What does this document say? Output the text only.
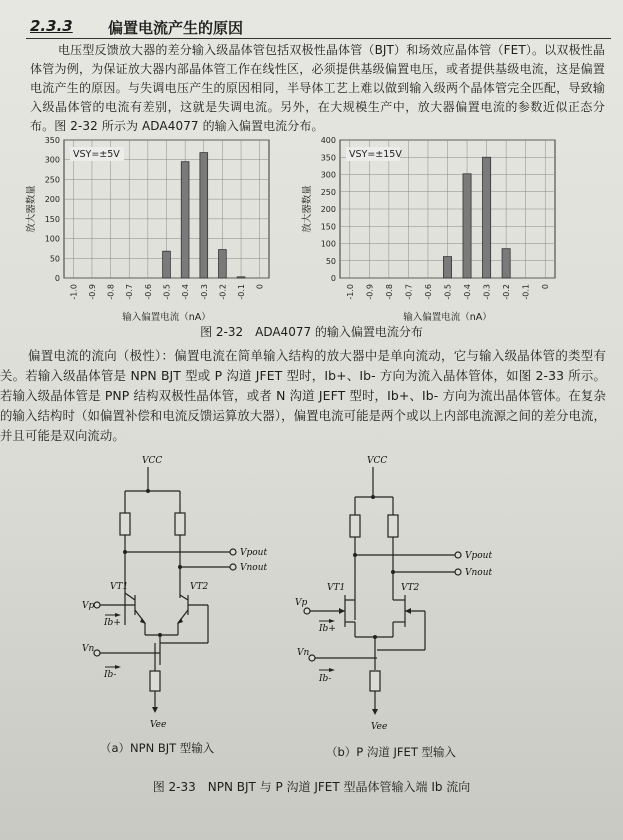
2.3.3 偏置电流产生的原因
电压型反馈放大器的差分输入级晶体管包括双极性晶体管（BJT）和场效应晶体管（FET）。以双极性晶体管为例，为保证放大器内部晶体管工作在线性区，必须提供基级偏置电压，或者提供基级电流，这是偏置电流产生的原因。与失调电压产生的原因相同，半导体工艺上难以做到输入级两个晶体管完全匹配，导致输入级晶体管的电流有差别，这就是失调电流。另外，在大规模生产中，放大器偏置电流的参数近似正态分布。图 2-32 所示为 ADA4077 的输入偏置电流分布。
0
50
100
150
200
250
300
350
-1.0 -0.9 -0.8 -0.7 -0.6 -0.5 -0.4 -0.3 -0.2 -0.1 0
VSY=±5V
放大器数量
输入偏置电流（nA）
0
50
100
150
200
250
300
350
400
-1.0 -0.9 -0.8 -0.7 -0.6 -0.5 -0.4 -0.3 -0.2 -0.1 0
VSY=±15V
放大器数量
输入偏置电流（nA）
图 2-32　ADA4077 的输入偏置电流分布
偏置电流的流向（极性）：偏置电流在简单输入结构的放大器中是单向流动，它与输入级晶体管的类型有关。若输入级晶体管是 NPN BJT 型或 P 沟道 JFET 型时，Ib+、Ib- 方向为流入晶体管体，如图 2-33 所示。若输入级晶体管是 PNP 结构双极性晶体管，或者 N 沟道 JEFT 型时，Ib+、Ib- 方向为流出晶体管体。在复杂的输入结构时（如偏置补偿和电流反馈运算放大器），偏置电流可能是两个或以上内部电流源之间的差分电流，并且可能是双向流动。
VCC
Vpout
Vnout
VT1	VT2
Vp
Ib+
Vn
Ib-
Vee
VCC
Vpout
Vnout
VT1	VT2
Vp
Ib+
Vn
Ib-
Vee
（a）NPN BJT 型输入	（b）P 沟道 JFET 型输入
图 2-33　NPN BJT 与 P 沟道 JFET 型晶体管输入端 Ib 流向
